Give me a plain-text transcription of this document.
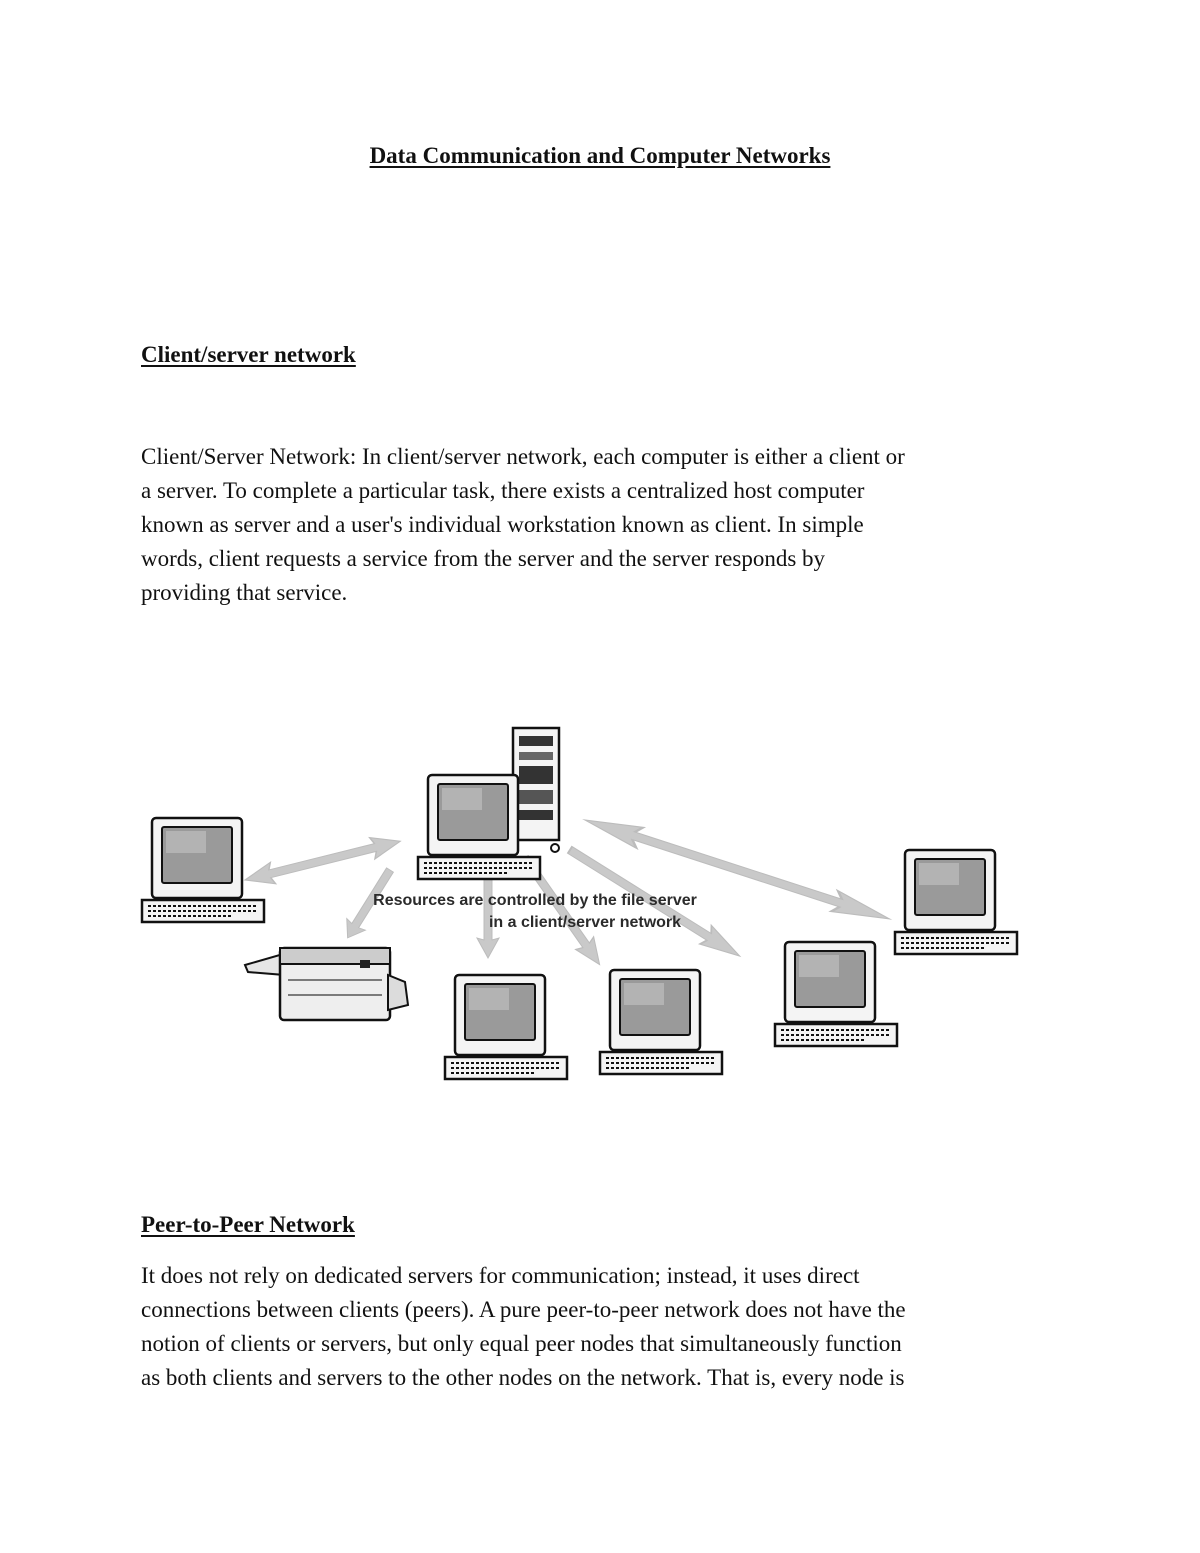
Data Communication and Computer Networks
Client/server network

Client/Server Network: In client/server network, each computer is either a client or
a server. To complete a particular task, there exists a centralized host computer
known as server and a user's individual workstation known as client. In simple
words, client requests a service from the server and the server responds by
providing that service.

Resources are controlled by the file server
in a client/server network
Peer-to-Peer Network

It does not rely on dedicated servers for communication; instead, it uses direct
connections between clients (peers). A pure peer-to-peer network does not have the
notion of clients or servers, but only equal peer nodes that simultaneously function
as both clients and servers to the other nodes on the network. That is, every node is
